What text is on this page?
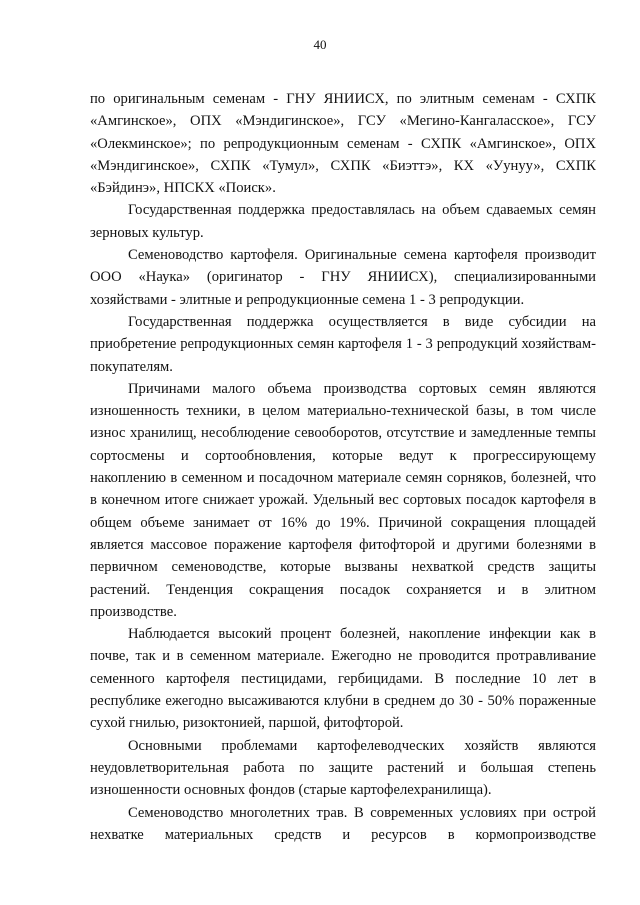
40

по оригинальным семенам - ГНУ ЯНИИСХ, по элитным семенам - СХПК «Амгинское», ОПХ «Мэндигинское», ГСУ «Мегино-Кангаласское», ГСУ «Олекминское»; по репродукционным семенам - СХПК «Амгинское», ОПХ «Мэндигинское», СХПК «Тумул», СХПК «Биэттэ», КХ «Уунуу», СХПК «Бэйдинэ», НПСКХ «Поиск».

Государственная поддержка предоставлялась на объем сдаваемых семян зерновых культур.

Семеноводство картофеля. Оригинальные семена картофеля производит ООО «Наука» (оригинатор - ГНУ ЯНИИСХ), специализированными хозяйствами - элитные и репродукционные семена 1 - 3 репродукции.

Государственная поддержка осуществляется в виде субсидии на приобретение репродукционных семян картофеля 1 - 3 репродукций хозяйствам-покупателям.

Причинами малого объема производства сортовых семян являются изношенность техники, в целом материально-технической базы, в том числе износ хранилищ, несоблюдение севооборотов, отсутствие и замедленные темпы сортосмены и сортообновления, которые ведут к прогрессирующему накоплению в семенном и посадочном материале семян сорняков, болезней, что в конечном итоге снижает урожай. Удельный вес сортовых посадок картофеля в общем объеме занимает от 16% до 19%. Причиной сокращения площадей является массовое поражение картофеля фитофторой и другими болезнями в первичном семеноводстве, которые вызваны нехваткой средств защиты растений. Тенденция сокращения посадок сохраняется и в элитном производстве.

Наблюдается высокий процент болезней, накопление инфекции как в почве, так и в семенном материале. Ежегодно не проводится протравливание семенного картофеля пестицидами, гербицидами. В последние 10 лет в республике ежегодно высаживаются клубни в среднем до 30 - 50% пораженные сухой гнилью, ризоктонией, паршой, фитофторой.

Основными проблемами картофелеводческих хозяйств являются неудовлетворительная работа по защите растений и большая степень изношенности основных фондов (старые картофелехранилища).

Семеноводство многолетних трав. В современных условиях при острой нехватке материальных средств и ресурсов в кормопроизводстве
